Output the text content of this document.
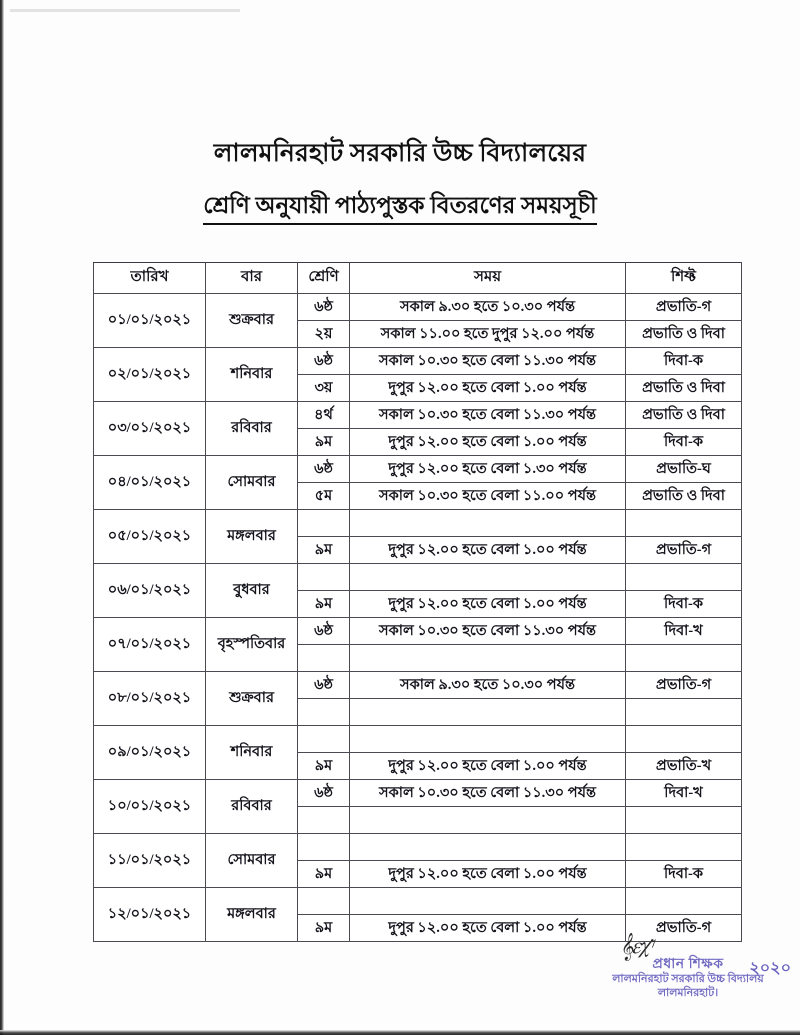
লালমনিরহাট সরকারি উচ্চ বিদ্যালয়ের
শ্রেণি অনুযায়ী পাঠ্যপুস্তক বিতরণের সময়সূচী
তারিখ	বার	শ্রেণি	সময়	শিফ্ট
০১/০১/২০২১	শুক্রবার	৬ষ্ঠ	সকাল ৯.৩০ হতে ১০.৩০ পর্যন্ত	প্রভাতি-গ
		২য়	সকাল ১১.০০ হতে দুপুর ১২.০০ পর্যন্ত	প্রভাতি ও দিবা
০২/০১/২০২১	শনিবার	৬ষ্ঠ	সকাল ১০.৩০ হতে বেলা ১১.৩০ পর্যন্ত	দিবা-ক
		৩য়	দুপুর ১২.০০ হতে বেলা ১.০০ পর্যন্ত	প্রভাতি ও দিবা
০৩/০১/২০২১	রবিবার	৪র্থ	সকাল ১০.৩০ হতে বেলা ১১.৩০ পর্যন্ত	প্রভাতি ও দিবা
		৯ম	দুপুর ১২.০০ হতে বেলা ১.০০ পর্যন্ত	দিবা-ক
০৪/০১/২০২১	সোমবার	৬ষ্ঠ	দুপুর ১২.০০ হতে বেলা ১.৩০ পর্যন্ত	প্রভাতি-ঘ
		৫ম	সকাল ১০.৩০ হতে বেলা ১১.০০ পর্যন্ত	প্রভাতি ও দিবা
০৫/০১/২০২১	মঙ্গলবার			
		৯ম	দুপুর ১২.০০ হতে বেলা ১.০০ পর্যন্ত	প্রভাতি-গ
০৬/০১/২০২১	বুধবার			
		৯ম	দুপুর ১২.০০ হতে বেলা ১.০০ পর্যন্ত	দিবা-ক
০৭/০১/২০২১	বৃহস্পতিবার	৬ষ্ঠ	সকাল ১০.৩০ হতে বেলা ১১.৩০ পর্যন্ত	দিবা-খ

০৮/০১/২০২১	শুক্রবার	৬ষ্ঠ	সকাল ৯.৩০ হতে ১০.৩০ পর্যন্ত	প্রভাতি-গ

০৯/০১/২০২১	শনিবার			
		৯ম	দুপুর ১২.০০ হতে বেলা ১.০০ পর্যন্ত	প্রভাতি-খ
১০/০১/২০২১	রবিবার	৬ষ্ঠ	সকাল ১০.৩০ হতে বেলা ১১.৩০ পর্যন্ত	দিবা-খ

১১/০১/২০২১	সোমবার			
		৯ম	দুপুর ১২.০০ হতে বেলা ১.০০ পর্যন্ত	দিবা-ক
১২/০১/২০২১	মঙ্গলবার			
		৯ম	দুপুর ১২.০০ হতে বেলা ১.০০ পর্যন্ত	প্রভাতি-গ
𝄞 𝜀 𝜒 𝄾
২০২০
প্রধান শিক্ষক
লালমনিরহাট সরকারি উচ্চ বিদ্যালয়
লালমনিরহাট।
